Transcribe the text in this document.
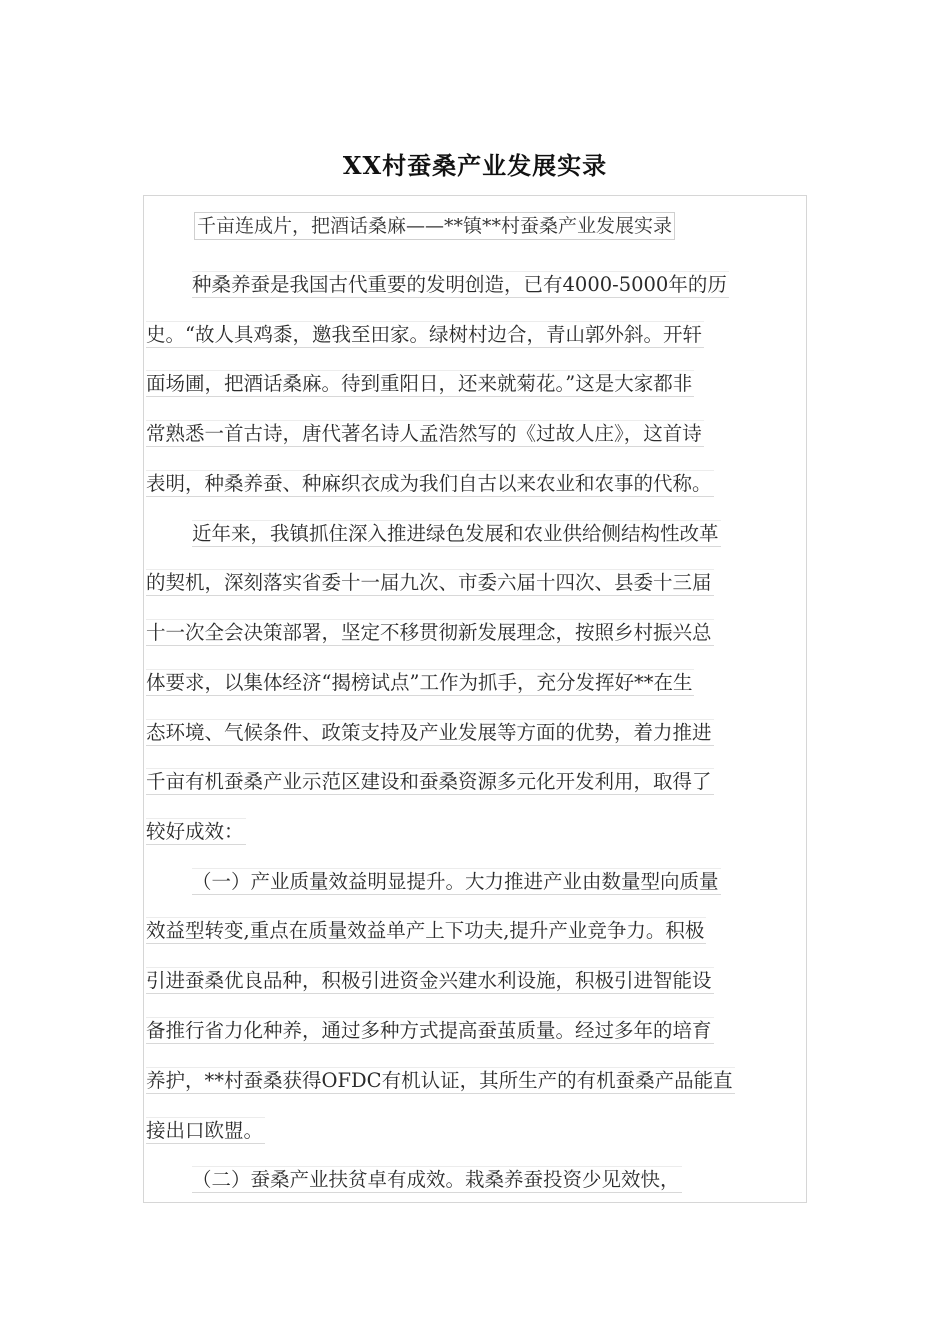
XX村蚕桑产业发展实录
千亩连成片，把酒话桑麻——**镇**村蚕桑产业发展实录
种桑养蚕是我国古代重要的发明创造，已有4000-5000年的历
史。“故人具鸡黍，邀我至田家。绿树村边合，青山郭外斜。开轩
面场圃，把酒话桑麻。待到重阳日，还来就菊花。”这是大家都非
常熟悉一首古诗，唐代著名诗人孟浩然写的《过故人庄》，这首诗
表明，种桑养蚕、种麻织衣成为我们自古以来农业和农事的代称。
近年来，我镇抓住深入推进绿色发展和农业供给侧结构性改革
的契机，深刻落实省委十一届九次、市委六届十四次、县委十三届
十一次全会决策部署，坚定不移贯彻新发展理念，按照乡村振兴总
体要求，以集体经济“揭榜试点”工作为抓手，充分发挥好**在生
态环境、气候条件、政策支持及产业发展等方面的优势，着力推进
千亩有机蚕桑产业示范区建设和蚕桑资源多元化开发利用，取得了
较好成效：
（一）产业质量效益明显提升。大力推进产业由数量型向质量
效益型转变,重点在质量效益单产上下功夫,提升产业竞争力。积极
引进蚕桑优良品种，积极引进资金兴建水利设施，积极引进智能设
备推行省力化种养，通过多种方式提高蚕茧质量。经过多年的培育
养护，**村蚕桑获得OFDC有机认证，其所生产的有机蚕桑产品能直
接出口欧盟。
（二）蚕桑产业扶贫卓有成效。栽桑养蚕投资少见效快，
